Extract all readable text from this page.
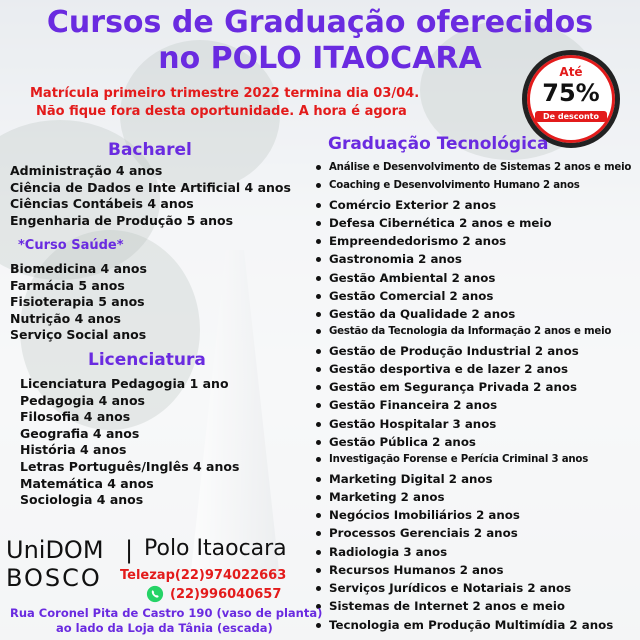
Cursos de Graduação oferecidos
no POLO ITAOCARA
Matrícula primeiro trimestre 2022 termina dia 03/04.
Não fique fora desta oportunidade. A hora é agora
Até
75%
De desconto
Bacharel
Administração 4 anos
Ciência de Dados e Inte Artificial 4 anos
Ciências Contábeis 4 anos
Engenharia de Produção 5 anos
*Curso Saúde*
Biomedicina 4 anos
Farmácia 5 anos
Fisioterapia 5 anos
Nutrição 4 anos
Serviço Social anos
Licenciatura
Licenciatura Pedagogia 1 ano
Pedagogia 4 anos
Filosofia 4 anos
Geografia 4 anos
História 4 anos
Letras Português/Inglês 4 anos
Matemática 4 anos
Sociologia 4 anos
Graduação Tecnológica
Análise e Desenvolvimento de Sistemas 2 anos e meio
Coaching e Desenvolvimento Humano 2 anos
Comércio Exterior 2 anos
Defesa Cibernética 2 anos e meio
Empreendedorismo 2 anos
Gastronomia 2 anos
Gestão Ambiental 2 anos
Gestão Comercial 2 anos
Gestão da Qualidade 2 anos
Gestão da Tecnologia da Informação 2 anos e meio
Gestão de Produção Industrial 2 anos
Gestão desportiva e de lazer 2 anos
Gestão em Segurança Privada 2 anos
Gestão Financeira 2 anos
Gestão Hospitalar 3 anos
Gestão Pública 2 anos
Investigação Forense e Perícia Criminal 3 anos
Marketing Digital 2 anos
Marketing 2 anos
Negócios Imobiliários 2 anos
Processos Gerenciais 2 anos
Radiologia 3 anos
Recursos Humanos 2 anos
Serviços Jurídicos e Notariais 2 anos
Sistemas de Internet 2 anos e meio
Tecnologia em Produção Multimídia 2 anos
UniDOM
BOSCO
| Polo Itaocara
Telezap(22)974022663
(22)996040657
Rua Coronel Pita de Castro 190 (vaso de planta)
ao lado da Loja da Tânia (escada)
